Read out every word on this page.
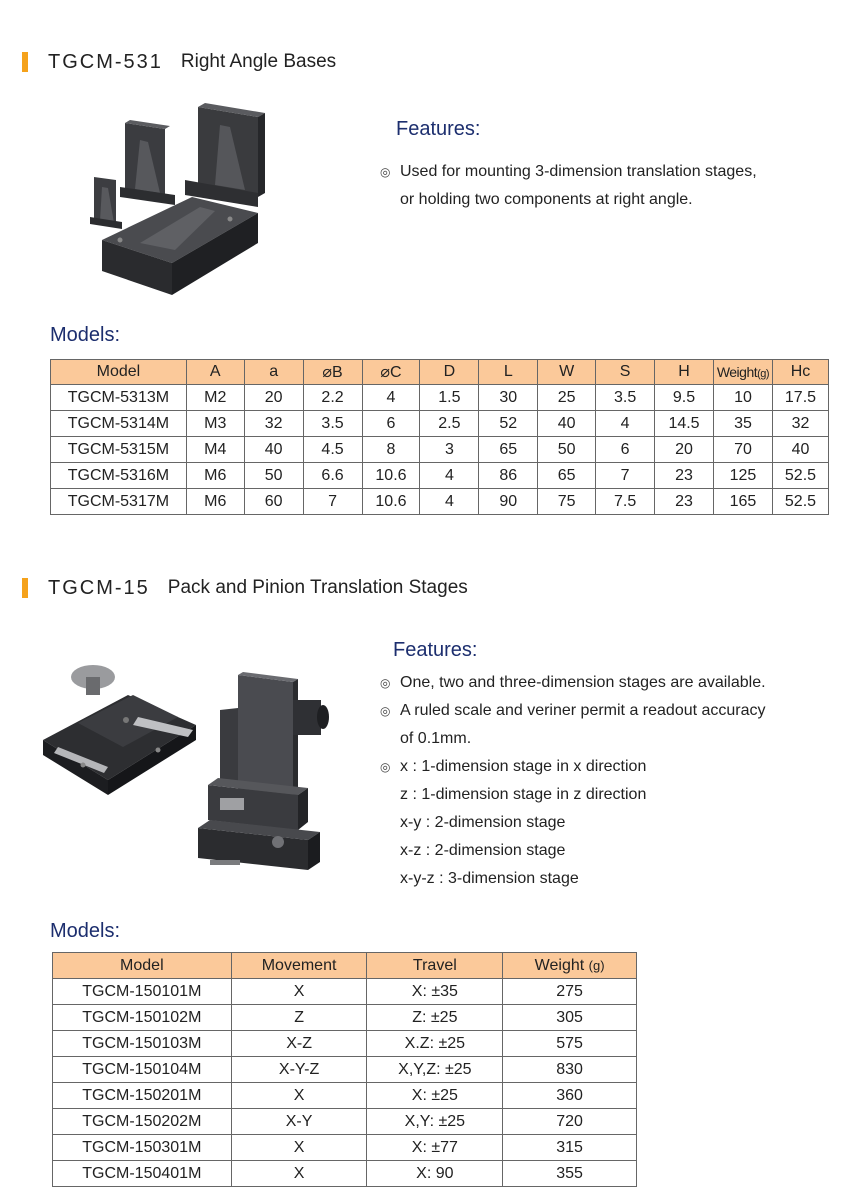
TGCM-531 Right Angle Bases
Features:
◎ Used for mounting 3-dimension translation stages,
or holding two components at right angle.
Models:
Model	A	a	⌀B	⌀C	D	L	W	S	H	Weight(g)	Hc
TGCM-5313M	M2	20	2.2	4	1.5	30	25	3.5	9.5	10	17.5
TGCM-5314M	M3	32	3.5	6	2.5	52	40	4	14.5	35	32
TGCM-5315M	M4	40	4.5	8	3	65	50	6	20	70	40
TGCM-5316M	M6	50	6.6	10.6	4	86	65	7	23	125	52.5
TGCM-5317M	M6	60	7	10.6	4	90	75	7.5	23	165	52.5
TGCM-15 Pack and Pinion Translation Stages
Features:
◎ One, two and three-dimension stages are available.
◎ A ruled scale and veriner permit a readout accuracy
of 0.1mm.
◎ x : 1-dimension stage in x direction
z : 1-dimension stage in z direction
x-y : 2-dimension stage
x-z : 2-dimension stage
x-y-z : 3-dimension stage
Models:
Model	Movement	Travel	Weight (g)
TGCM-150101M	X	X: ±35	275
TGCM-150102M	Z	Z: ±25	305
TGCM-150103M	X-Z	X.Z: ±25	575
TGCM-150104M	X-Y-Z	X,Y,Z: ±25	830
TGCM-150201M	X	X: ±25	360
TGCM-150202M	X-Y	X,Y: ±25	720
TGCM-150301M	X	X: ±77	315
TGCM-150401M	X	X: 90	355
